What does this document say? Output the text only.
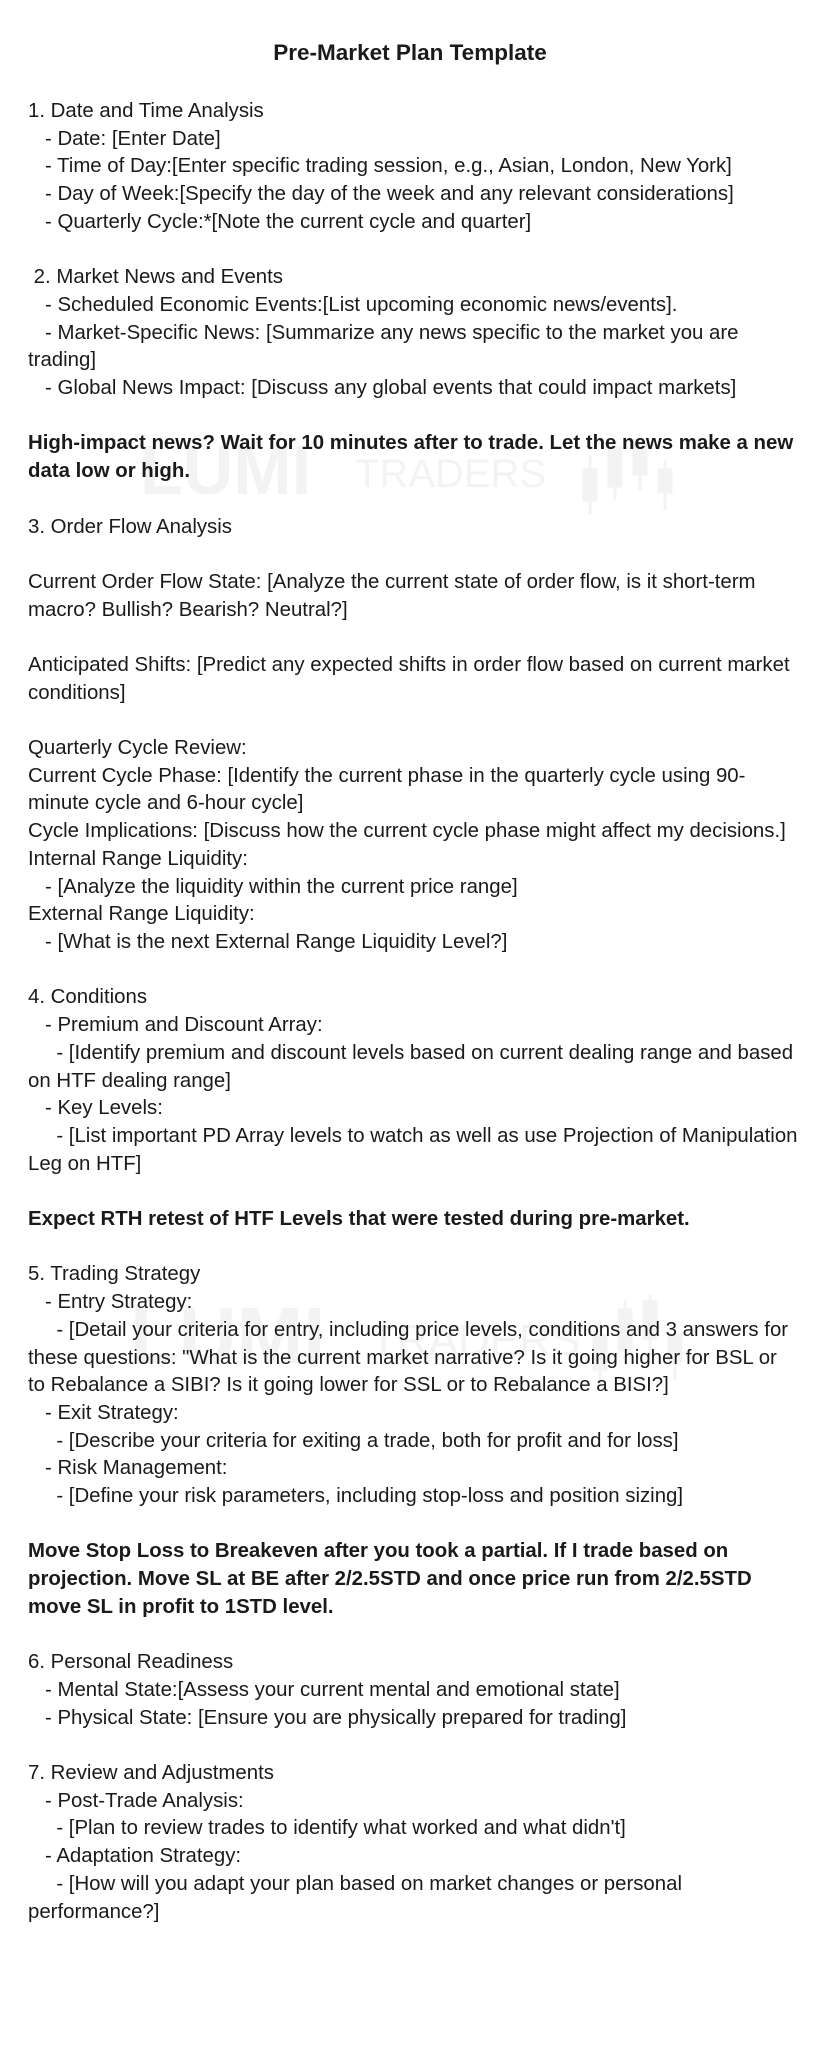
Pre-Market Plan Template
1. Date and Time Analysis
- Date: [Enter Date]
- Time of Day:[Enter specific trading session, e.g., Asian, London, New York]
- Day of Week:[Specify the day of the week and any relevant considerations]
- Quarterly Cycle:*[Note the current cycle and quarter]
2. Market News and Events
- Scheduled Economic Events:[List upcoming economic news/events].
- Market-Specific News: [Summarize any news specific to the market you are trading]
- Global News Impact: [Discuss any global events that could impact markets]
High-impact news? Wait for 10 minutes after to trade. Let the news make a new data low or high.
3. Order Flow Analysis
Current Order Flow State: [Analyze the current state of order flow, is it short-term macro? Bullish? Bearish? Neutral?]
Anticipated Shifts: [Predict any expected shifts in order flow based on current market conditions]
Quarterly Cycle Review:
Current Cycle Phase: [Identify the current phase in the quarterly cycle using 90-minute cycle and 6-hour cycle]
Cycle Implications: [Discuss how the current cycle phase might affect my decisions.]
Internal Range Liquidity:
- [Analyze the liquidity within the current price range]
External Range Liquidity:
- [What is the next External Range Liquidity Level?]
4. Conditions
- Premium and Discount Array:
- [Identify premium and discount levels based on current dealing range and based on HTF dealing range]
- Key Levels:
- [List important PD Array levels to watch as well as use Projection of Manipulation Leg on HTF]
Expect RTH retest of HTF Levels that were tested during pre-market.
5. Trading Strategy
- Entry Strategy:
- [Detail your criteria for entry, including price levels, conditions and 3 answers for these questions: "What is the current market narrative? Is it going higher for BSL or to Rebalance a SIBI? Is it going lower for SSL or to Rebalance a BISI?]
- Exit Strategy:
- [Describe your criteria for exiting a trade, both for profit and for loss]
- Risk Management:
- [Define your risk parameters, including stop-loss and position sizing]
Move Stop Loss to Breakeven after you took a partial. If I trade based on projection. Move SL at BE after 2/2.5STD and once price run from 2/2.5STD move SL in profit to 1STD level.
6. Personal Readiness
- Mental State:[Assess your current mental and emotional state]
- Physical State: [Ensure you are physically prepared for trading]
7. Review and Adjustments
- Post-Trade Analysis:
- [Plan to review trades to identify what worked and what didn't]
- Adaptation Strategy:
- [How will you adapt your plan based on market changes or personal performance?]
